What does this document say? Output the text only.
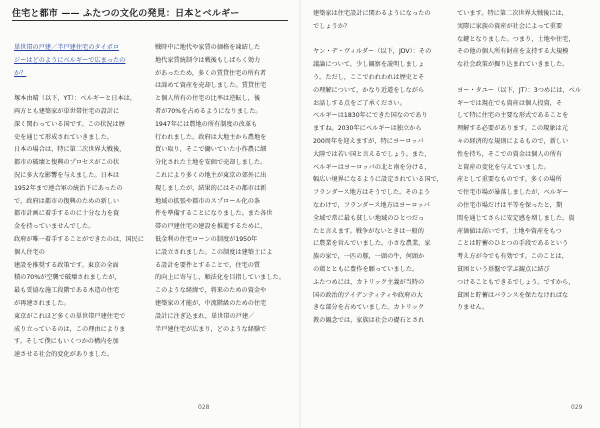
住宅と都市 —— ふたつの文化の発見：日本とベルギー

単世帯の戸建／半戸建住宅のタイポロ

ジーはどのようにベルギーで広まったの

か？

塚本由晴（以下，YT）：ベルギーと日本は，

両方とも建築家が単世帯住宅の設計に

深く関わっている国です。この状況は歴

史を通じて形成されていきました。

日本の場合は，特に第二次世界大戦後，

都市の破壊と復興のプロセスがこの状

況に多大な影響を与えました。日本は

1952年まで連合軍の統治下にあったの

で，政府は都市の復興のための新しい

都市計画に着手するのに十分な力を資

金を持っていませんでした。

政府が唯一着手することができたのは，国民に個人住宅の

建設を推奨する政策です。東京の全面

積の70%が空襲で破壊されましたが，

最も妥協な施工段階である木造の住宅

が再建されました。

東京がこれほど多くの単世帯戸建住宅で

成り立っているのは，この理由によりま

す。そして僕にもいくつかの構内を加

速させる社会的変化がありました。

戦時中に地代や家賃の価格を凍結した

地代家賃統制令は戦後もしばらく効力

があったため，多くの賃貸住宅の所有者

は諦めて資産を売却しました。賃貸住宅

と個人所有の住宅の比率は逆転し，後

者が70%を占めるようになりました。

1947年には農地の所有制度の改革も

行われました。政府は大地主から農地を

買い取り，そこで働いていた小作農に細

分化された土地を安価で売却しました。

これにより多くの地主が東京の郊外に出

現しましたが，結果的にはその都市は新

地域の拡張や都市のスプロール化の条

件を準備することになりました。また各世

帯の戸建住宅の建設を推進するために，

低金利の住宅ローンの制度が1950年

に設立されました。この制度は建築士によ

る設計を要件とすることで，住宅の質

的向上に寄与し，順法化を目指していました。

このような経緯で，将来のための資金や

建築家の才能が，中流階級のための住宅

設計に注ぎ込まれ，単世帯の戸建／

半戸建住宅が広まり，どのような経験で

028

建築家は住宅設計に関わるようになったの

でしょうか？

ヤン・デ・ヴィルダー（以下，JDV）：その

議論について，少し観察を説明しましょ

う。ただし，ここでわれわれは歴史とそ

の理解について，かなり近道をしながら

お話しする点をご了承ください。

ベルギーは1830年にできた国なのであり

ますね。2030年にベルギーは独立から

200周年を迎えますが，特にヨーロッパ

大陸では若い国と言えるでしょう。また，

ベルギーはヨーロッパの北と南を分ける，

幅広い境界になるように設定されている国で，

フランダース地方はそうでした。そのよう

なわけで，フランダース地方はヨーロッパ

全域で常に最も貧しい地域のひとつだっ

たと言えます。戦争がないときは一般的

に農業を営んでいました。小さな農業，家

族の家で，一匹の豚，一頭の牛，何頭か

の鶏とともに豊作を願っていました。

ふたつめには，カトリック主義が当時の

国の政治的アイデンティティや政府の大

きな部分を占めていました。カトリック

教の観念では，家族は社会の礎石とされ

ています。特に第二次世界大戦後には，

実際に家族の資産が社会によって重要

な鍵となりました。つまり，土地や住宅，

その他の個人所有財産を支持する大規模

な社会政策が掘り込まれていきました。

ヨー・タユー（以下，JT）：3つめには，ベル

ギーでは現在でも資産は個人投資，そ

して特に住宅の主要な形式であることを

理解する必要があります。この現象は元

々の経済的な規則によるもので，新しい

性を持ち，そこでの資金は個人の所有

と資産の変化を与えていました。

産として重要なものです。多くの場所

で住宅市場が暴落しましたが，ベルギー

の住宅市場だけは平等を保ったと，期

間を通じてさらに安定感を増しました。資

産価値は高いです。土地や資産をもつ

ことは貯蓄のひとつの手段であるという

考え方が今でも有効です。このことは，

貧困という基盤で学ぶ観点に結び

つけることもできるでしょう。ですから，

貧困と貯蓄はバランスを保たなければな

りません。

029
